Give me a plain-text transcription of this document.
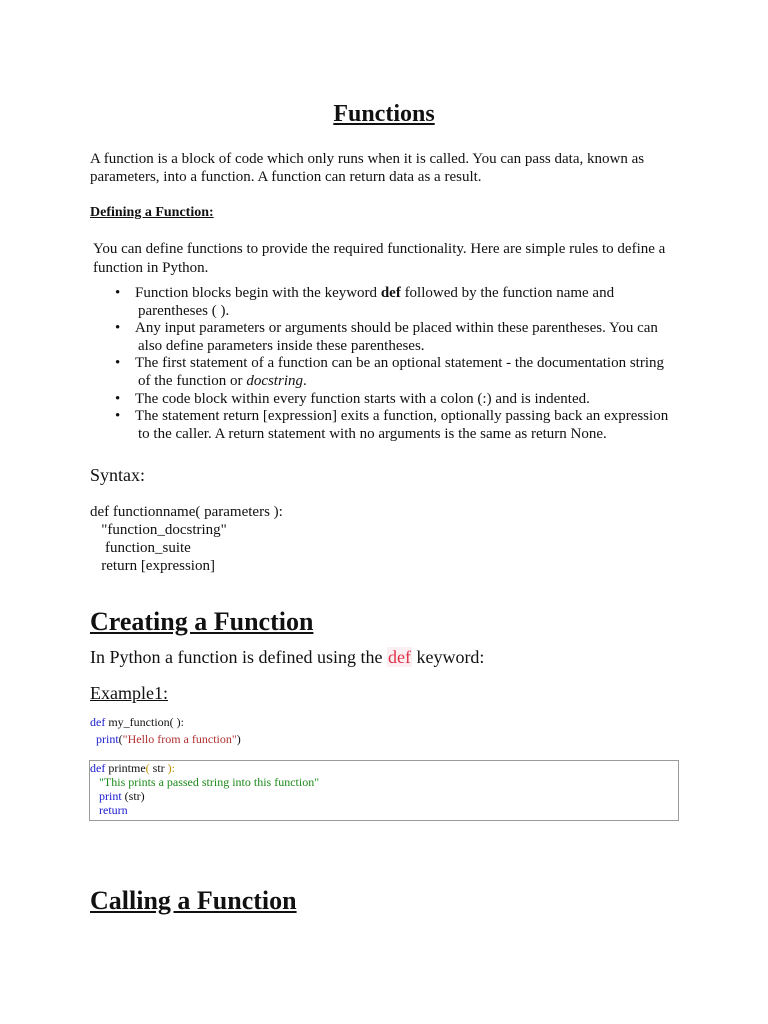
Functions
A function is a block of code which only runs when it is called. You can pass data, known as parameters, into a function. A function can return data as a result.
Defining a Function:
You can define functions to provide the required functionality. Here are simple rules to define a function in Python.
• Function blocks begin with the keyword def followed by the function name and
parentheses ( ).
• Any input parameters or arguments should be placed within these parentheses. You can
also define parameters inside these parentheses.
• The first statement of a function can be an optional statement - the documentation string
of the function or docstring.
• The code block within every function starts with a colon (:) and is indented.
• The statement return [expression] exits a function, optionally passing back an expression
to the caller. A return statement with no arguments is the same as return None.
Syntax:
def functionname( parameters ):
"function_docstring"
function_suite
return [expression]
Creating a Function
In Python a function is defined using the def keyword:
Example1:
def my_function( ):
print("Hello from a function")
def printme( str ):
"This prints a passed string into this function"
print (str)
return
Calling a Function
